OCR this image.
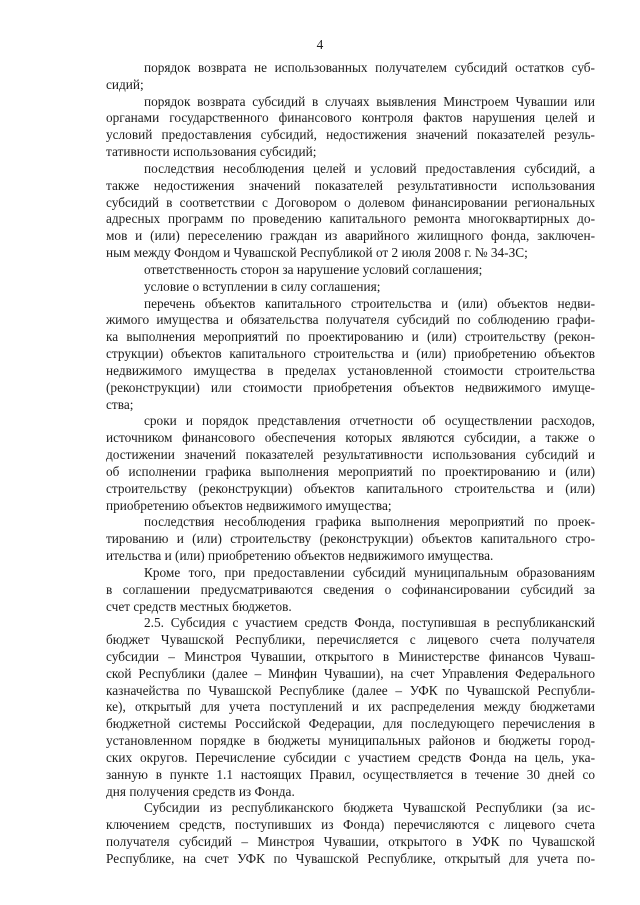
4
порядок возврата не использованных получателем субсидий остатков суб-
сидий;
порядок возврата субсидий в случаях выявления Минстроем Чувашии или
органами государственного финансового контроля фактов нарушения целей и
условий предоставления субсидий, недостижения значений показателей резуль-
тативности использования субсидий;
последствия несоблюдения целей и условий предоставления субсидий, а
также недостижения значений показателей результативности использования
субсидий в соответствии с Договором о долевом финансировании региональных
адресных программ по проведению капитального ремонта многоквартирных до-
мов и (или) переселению граждан из аварийного жилищного фонда, заключен-
ным между Фондом и Чувашской Республикой от 2 июля 2008 г. № 34-ЗС;
ответственность сторон за нарушение условий соглашения;
условие о вступлении в силу соглашения;
перечень объектов капитального строительства и (или) объектов недви-
жимого имущества и обязательства получателя субсидий по соблюдению графи-
ка выполнения мероприятий по проектированию и (или) строительству (рекон-
струкции) объектов капитального строительства и (или) приобретению объектов
недвижимого имущества в пределах установленной стоимости строительства
(реконструкции) или стоимости приобретения объектов недвижимого имуще-
ства;
сроки и порядок представления отчетности об осуществлении расходов,
источником финансового обеспечения которых являются субсидии, а также о
достижении значений показателей результативности использования субсидий и
об исполнении графика выполнения мероприятий по проектированию и (или)
строительству (реконструкции) объектов капитального строительства и (или)
приобретению объектов недвижимого имущества;
последствия несоблюдения графика выполнения мероприятий по проек-
тированию и (или) строительству (реконструкции) объектов капитального стро-
ительства и (или) приобретению объектов недвижимого имущества.
Кроме того, при предоставлении субсидий муниципальным образованиям
в соглашении предусматриваются сведения о софинансировании субсидий за
счет средств местных бюджетов.
2.5. Субсидия с участием средств Фонда, поступившая в республиканский
бюджет Чувашской Республики, перечисляется с лицевого счета получателя
субсидии – Минстроя Чувашии, открытого в Министерстве финансов Чуваш-
ской Республики (далее – Минфин Чувашии), на счет Управления Федерального
казначейства по Чувашской Республике (далее – УФК по Чувашской Республи-
ке), открытый для учета поступлений и их распределения между бюджетами
бюджетной системы Российской Федерации, для последующего перечисления в
установленном порядке в бюджеты муниципальных районов и бюджеты город-
ских округов. Перечисление субсидии с участием средств Фонда на цель, ука-
занную в пункте 1.1 настоящих Правил, осуществляется в течение 30 дней со
дня получения средств из Фонда.
Субсидии из республиканского бюджета Чувашской Республики (за ис-
ключением средств, поступивших из Фонда) перечисляются с лицевого счета
получателя субсидий – Минстроя Чувашии, открытого в УФК по Чувашской
Республике, на счет УФК по Чувашской Республике, открытый для учета по-
